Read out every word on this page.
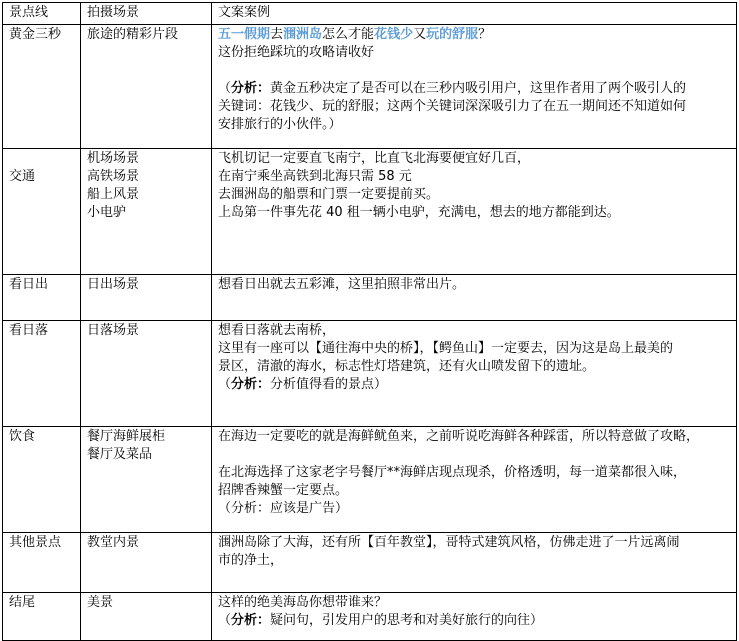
景点线	拍摄场景	文案案例
黄金三秒	旅途的精彩片段	五一假期去涠洲岛怎么才能花钱少又玩的舒服？
这份拒绝踩坑的攻略请收好
（分析：黄金五秒决定了是否可以在三秒内吸引用户，这里作者用了两个吸引人的
关键词：花钱少、玩的舒服；这两个关键词深深吸引力了在五一期间还不知道如何
安排旅行的小伙伴。）

交通	机场场景
高铁场景
船上风景
小电驴	飞机切记一定要直飞南宁，比直飞北海要便宜好几百，
在南宁乘坐高铁到北海只需 58 元
去涠洲岛的船票和门票一定要提前买。
上岛第一件事先花 40 租一辆小电驴，充满电，想去的地方都能到达。

看日出	日出场景	想看日出就去五彩滩，这里拍照非常出片。

看日落	日落场景	想看日落就去南桥，
这里有一座可以【通往海中央的桥】，【鳄鱼山】一定要去，因为这是岛上最美的
景区，清澈的海水，标志性灯塔建筑，还有火山喷发留下的遗址。
（分析：分析值得看的景点）

饮食	餐厅海鲜展柜
餐厅及菜品	在海边一定要吃的就是海鲜鱿鱼来，之前听说吃海鲜各种踩雷，所以特意做了攻略，
在北海选择了这家老字号餐厅**海鲜店现点现杀，价格透明，每一道菜都很入味，
招牌香辣蟹一定要点。
（分析：应该是广告）

其他景点	教堂内景	涠洲岛除了大海，还有所【百年教堂】，哥特式建筑风格，仿佛走进了一片远离闹
市的净土，

结尾	美景	这样的绝美海岛你想带谁来？
（分析：疑问句，引发用户的思考和对美好旅行的向往）
